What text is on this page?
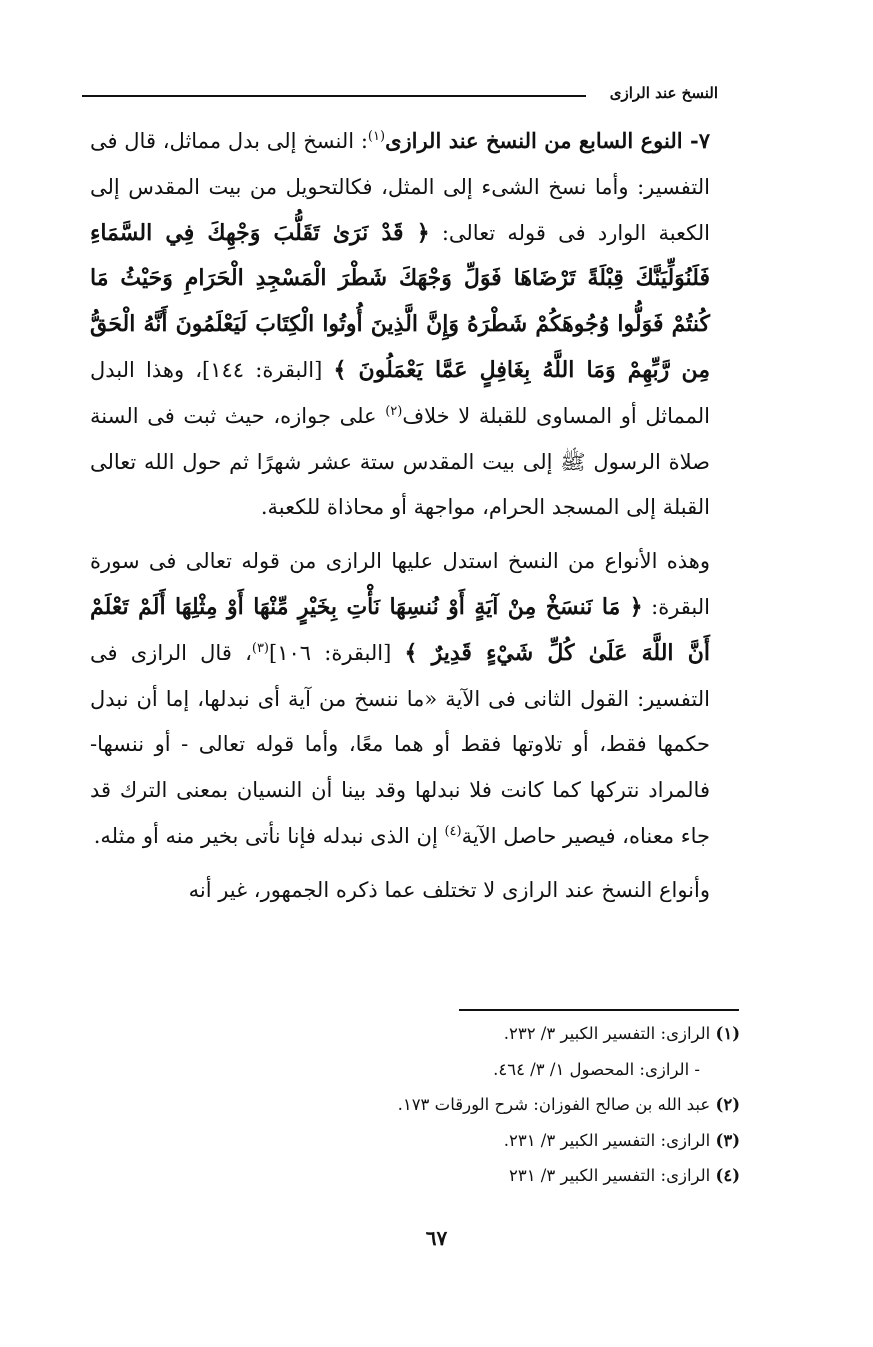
النسخ عند الرازى

٧- النوع السابع من النسخ عند الرازى$^{(١)}$: النسخ إلى بدل مماثل، قال فى التفسير: وأما نسخ الشىء إلى المثل، فكالتحويل من بيت المقدس إلى الكعبة الوارد فى قوله تعالى: ﴿ قَدْ نَرَىٰ تَقَلُّبَ وَجْهِكَ فِي السَّمَاءِ فَلَنُوَلِّيَنَّكَ قِبْلَةً تَرْضَاهَا فَوَلِّ وَجْهَكَ شَطْرَ الْمَسْجِدِ الْحَرَامِ وَحَيْثُ مَا كُنتُمْ فَوَلُّوا وُجُوهَكُمْ شَطْرَهُ وَإِنَّ الَّذِينَ أُوتُوا الْكِتَابَ لَيَعْلَمُونَ أَنَّهُ الْحَقُّ مِن رَّبِّهِمْ وَمَا اللَّهُ بِغَافِلٍ عَمَّا يَعْمَلُونَ ﴾ [البقرة: ١٤٤]، وهذا البدل المماثل أو المساوى للقبلة لا خلاف$^{(٢)}$ على جوازه، حيث ثبت فى السنة صلاة الرسول ﷺ إلى بيت المقدس ستة عشر شهرًا ثم حول الله تعالى القبلة إلى المسجد الحرام، مواجهة أو محاذاة للكعبة.

وهذه الأنواع من النسخ استدل عليها الرازى من قوله تعالى فى سورة البقرة: ﴿ مَا نَنسَخْ مِنْ آيَةٍ أَوْ نُنسِهَا نَأْتِ بِخَيْرٍ مِّنْهَا أَوْ مِثْلِهَا أَلَمْ تَعْلَمْ أَنَّ اللَّهَ عَلَىٰ كُلِّ شَيْءٍ قَدِيرٌ ﴾ [البقرة: ١٠٦]$^{(٣)}$، قال الرازى فى التفسير: القول الثانى فى الآية «ما ننسخ من آية أى نبدلها، إما أن نبدل حكمها فقط، أو تلاوتها فقط أو هما معًا، وأما قوله تعالى - أو ننسها- فالمراد نتركها كما كانت فلا نبدلها وقد بينا أن النسيان بمعنى الترك قد جاء معناه، فيصير حاصل الآية$^{(٤)}$ إن الذى نبدله فإنا نأتى بخير منه أو مثله.

وأنواع النسخ عند الرازى لا تختلف عما ذكره الجمهور، غير أنه

(١) الرازى: التفسير الكبير ٣/ ٢٣٢.
- الرازى: المحصول ١/ ٣/ ٤٦٤.
(٢) عبد الله بن صالح الفوزان: شرح الورقات ١٧٣.
(٣) الرازى: التفسير الكبير ٣/ ٢٣١.
(٤) الرازى: التفسير الكبير ٣/ ٢٣١
٦٧
